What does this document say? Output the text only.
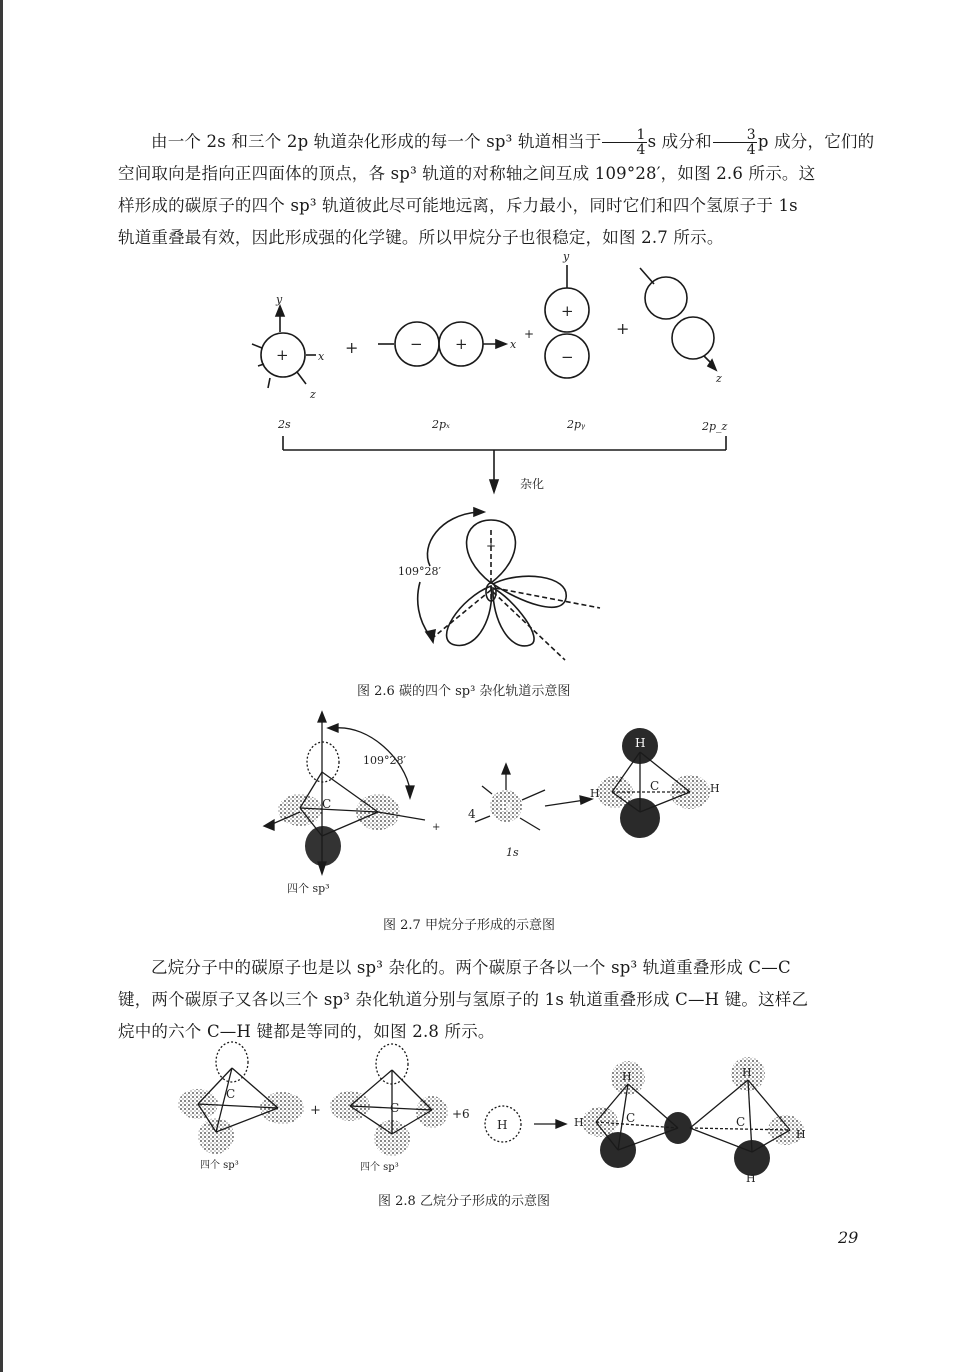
由一个 2s 和三个 2p 轨道杂化形成的每一个 sp³ 轨道相当于 $\frac{1}{4}$ s 成分和 $\frac{3}{4}$ p 成分，它们的
空间取向是指向正四面体的顶点，各 sp³ 轨道的对称轴之间互成 109°28′，如图 2.6 所示。这
样形成的碳原子的四个 sp³ 轨道彼此尽可能地远离，斥力最小，同时它们和四个氢原子于 1s
轨道重叠最有效，因此形成强的化学键。所以甲烷分子也很稳定，如图 2.7 所示。
y
x
z
+	+	− +	x
+
y
+
−
+
z
2s	2pₓ	2pᵧ	2p_z
杂化
+
109°28′
图 2.6 碳的四个 sp³ 杂化轨道示意图
109°28′
C
+
4 H
1s
H
C
H	H
四个 sp³
图 2.7 甲烷分子形成的示意图
乙烷分子中的碳原子也是以 sp³ 杂化的。两个碳原子各以一个 sp³ 轨道重叠形成 C—C
键，两个碳原子又各以三个 sp³ 杂化轨道分别与氢原子的 1s 轨道重叠形成 C—H 键。这样乙
烷中的六个 C—H 键都是等同的，如图 2.8 所示。
C
+	C	+6
H
H
C
H
H
C
H
H
四个 sp³	四个 sp³
图 2.8 乙烷分子形成的示意图
29
